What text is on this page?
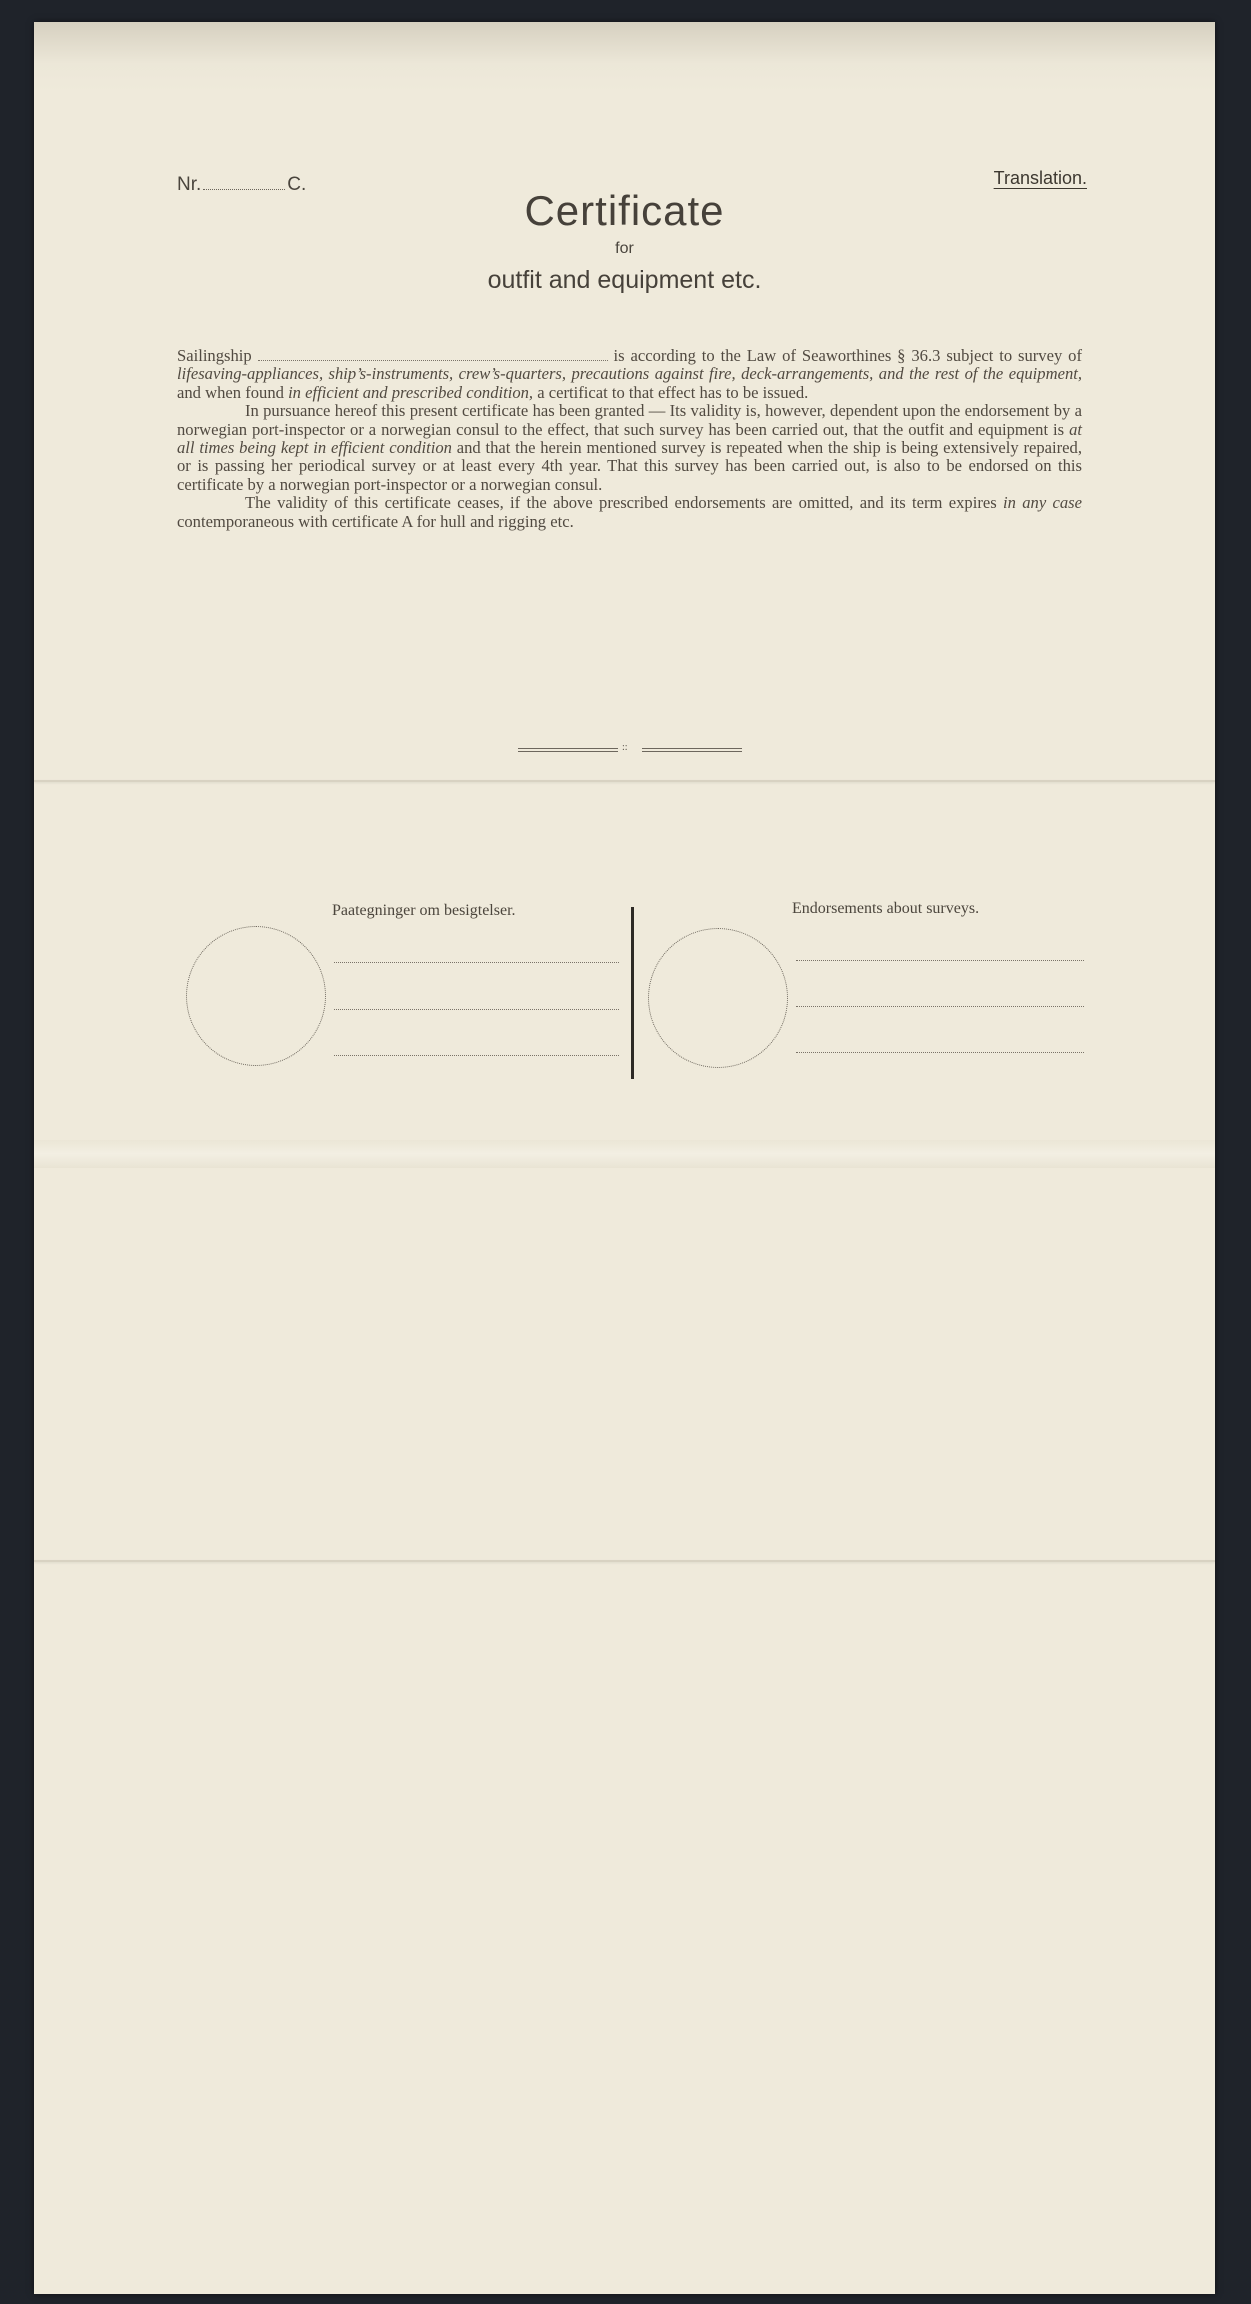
Nr.	C.	Translation.
Certificate
for
outfit and equipment etc.

Sailingship	is according to the Law of Seaworthines § 36.3 subject to survey of lifesaving-appliances, ship’s-instruments, crew’s-quarters, precautions against fire, deck-arrangements, and the rest of the equipment, and when found in efficient and prescribed condition, a certificat to that effect has to be issued.

In pursuance hereof this present certificate has been granted — Its validity is, however, dependent upon the endorsement by a norwegian port-inspector or a norwegian consul to the effect, that such survey has been carried out, that the outfit and equipment is at all times being kept in efficient condition and that the herein mentioned survey is repeated when the ship is being extensively repaired, or is passing her periodical survey or at least every 4th year. That this survey has been carried out, is also to be endorsed on this certificate by a norwegian port-inspector or a norwegian consul.

The validity of this certificate ceases, if the above prescribed endorsements are omitted, and its term expires in any case contemporaneous with certificate A for hull and rigging etc.

::
Paategninger om besigtelser.	Endorsements about surveys.
